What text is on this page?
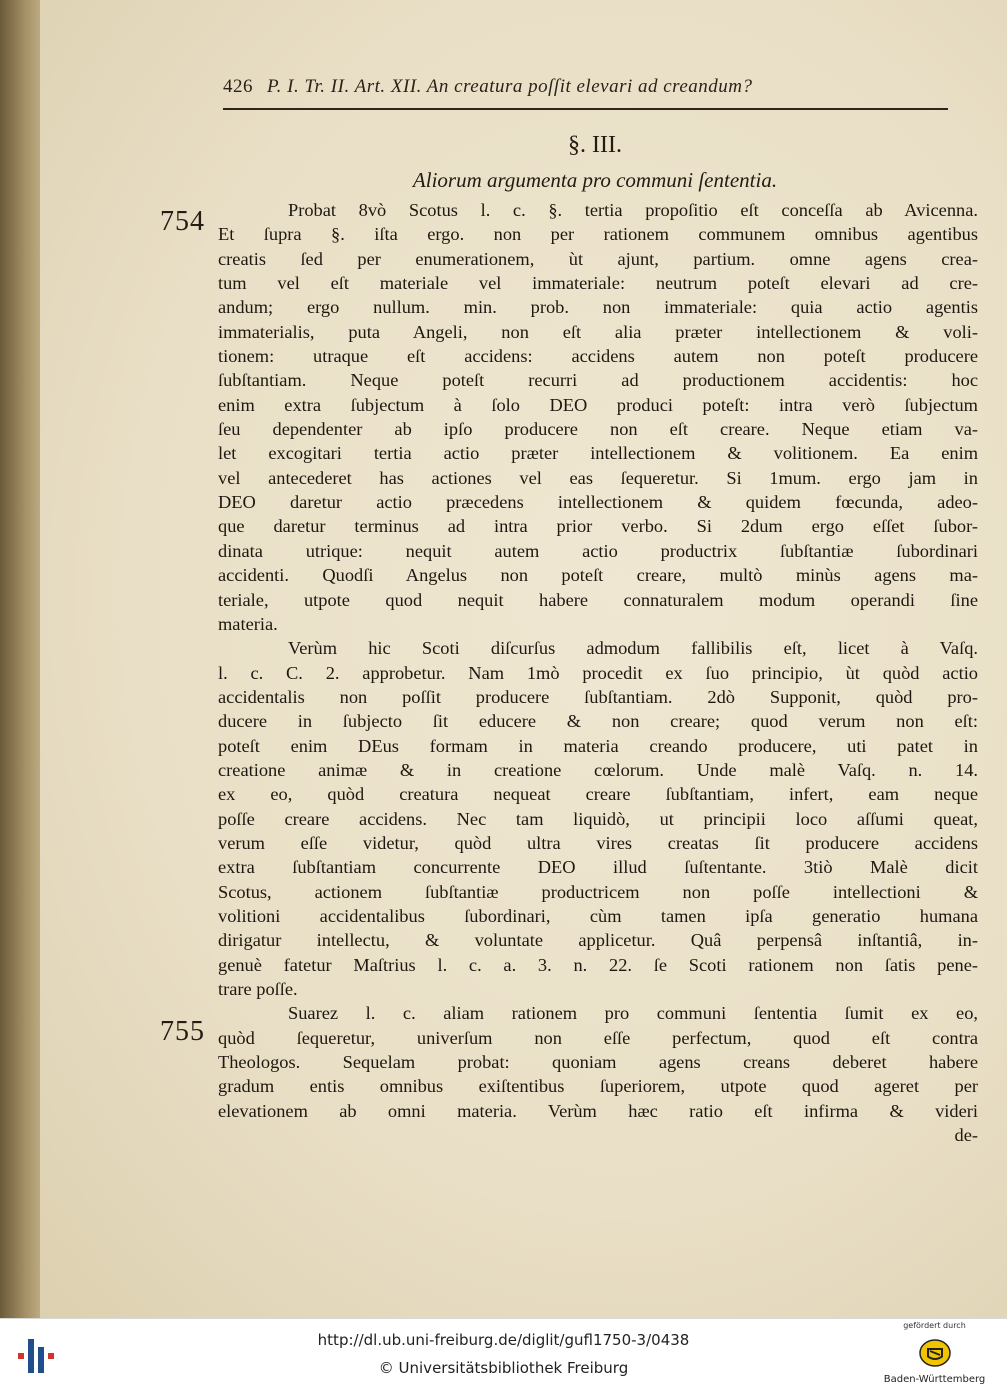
426 P. I. Tr. II. Art. XII. An creatura poſſit elevari ad creandum?
§. III.
Aliorum argumenta pro communi ſententia.
754
755
Probat 8vò Scotus l. c. §. tertia propoſitio eſt conceſſa ab Avicenna.
Et ſupra §. iſta ergo. non per rationem communem omnibus agentibus
creatis ſed per enumerationem, ùt ajunt, partium. omne agens crea-
tum vel eſt materiale vel immateriale: neutrum poteſt elevari ad cre-
andum; ergo nullum. min. prob. non immateriale: quia actio agentis
immaterialis, puta Angeli, non eſt alia præter intellectionem & voli-
tionem: utraque eſt accidens: accidens autem non poteſt producere
ſubſtantiam. Neque poteſt recurri ad productionem accidentis: hoc
enim extra ſubjectum à ſolo DEO produci poteſt: intra verò ſubjectum
ſeu dependenter ab ipſo producere non eſt creare. Neque etiam va-
let excogitari tertia actio præter intellectionem & volitionem. Ea enim
vel antecederet has actiones vel eas ſequeretur. Si 1mum. ergo jam in
DEO daretur actio præcedens intellectionem & quidem fœcunda, adeo-
que daretur terminus ad intra prior verbo. Si 2dum ergo eſſet ſubor-
dinata utrique: nequit autem actio productrix ſubſtantiæ ſubordinari
accidenti. Quodſi Angelus non poteſt creare, multò minùs agens ma-
teriale, utpote quod nequit habere connaturalem modum operandi ſine
materia.
Verùm hic Scoti diſcurſus admodum fallibilis eſt, licet à Vaſq.
l. c. C. 2. approbetur. Nam 1mò procedit ex ſuo principio, ùt quòd actio
accidentalis non poſſit producere ſubſtantiam. 2dò Supponit, quòd pro-
ducere in ſubjecto ſit educere & non creare; quod verum non eſt:
poteſt enim DEus formam in materia creando producere, uti patet in
creatione animæ & in creatione cœlorum. Unde malè Vaſq. n. 14.
ex eo, quòd creatura nequeat creare ſubſtantiam, infert, eam neque
poſſe creare accidens. Nec tam liquidò, ut principii loco aſſumi queat,
verum eſſe videtur, quòd ultra vires creatas ſit producere accidens
extra ſubſtantiam concurrente DEO illud ſuſtentante. 3tiò Malè dicit
Scotus, actionem ſubſtantiæ productricem non poſſe intellectioni &
volitioni accidentalibus ſubordinari, cùm tamen ipſa generatio humana
dirigatur intellectu, & voluntate applicetur. Quâ perpensâ inſtantiâ, in-
genuè fatetur Maſtrius l. c. a. 3. n. 22. ſe Scoti rationem non ſatis pene-
trare poſſe.
Suarez l. c. aliam rationem pro communi ſententia ſumit ex eo,
quòd ſequeretur, univerſum non eſſe perfectum, quod eſt contra
Theologos. Sequelam probat: quoniam agens creans deberet habere
gradum entis omnibus exiſtentibus ſuperiorem, utpote quod ageret per
elevationem ab omni materia. Verùm hæc ratio eſt infirma & videri
de-
http://dl.ub.uni-freiburg.de/diglit/gufl1750-3/0438
© Universitätsbibliothek Freiburg
gefördert durch
Baden-Württemberg
